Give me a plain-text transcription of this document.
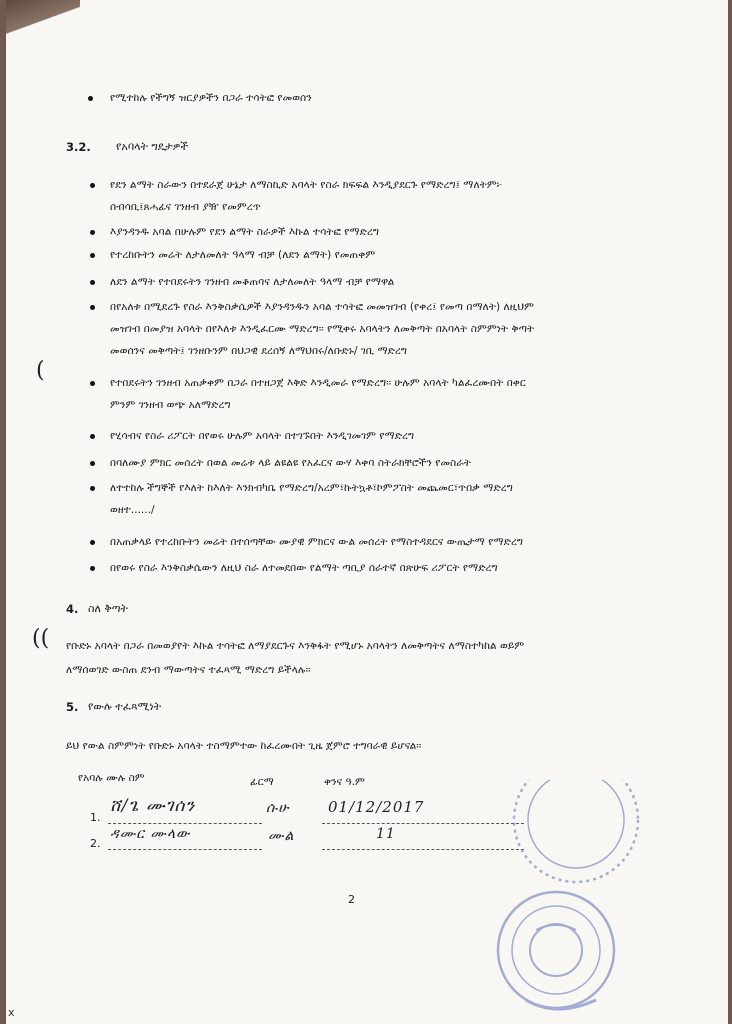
የሚተከሉ የችግኝ ዝርያዎችን በጋራ ተሳትፎ የመወሰን
3.2. የአባላት ግዴታዎች
የደን ልማት ስራውን በተደራጀ ሁኔታ ለማስኪድ አባላት የስራ ክፍፍል እንዲያደርጉ የማድረግ፤ ማለትም፦
ሰብሳቢ፤ጸሓፊና ገንዘብ ያዥ የመምረጥ
እያንዳንዱ አባል በሁሉም የደን ልማት ስራዎች እኩል ተሳትፎ የማድረግ
የተረከቡትን መሬት ለታለመለት ዓላማ ብቻ (ለደን ልማት) የመጠቀም
ለደን ልማት የተበደሩትን ገንዘብ መቆጠባና ለታለመለት ዓላማ ብቻ የማዋል
በየአለቱ በሚደረጉ የስራ እንቅስቃሴዎች እያንዳንዱን አባል ተሳትፎ መመዝገብ (የቀረ፤ የመጣ በማለት) ለዚህም
መዝገብ በመያዝ አባላት በየእለቱ እንዲፈርሙ ማድረግ፡፡ የሚቀሩ አባላትን ለመቅጣት በአባላት ስምምነት ቅጣት
መወሰንና መቅጣት፤ ገንዘቡንም በህጋዊ ደረሰኝ ለማህበሩ/ለቡድኑ/ ገቢ ማድረግ
የተበደሩትን ገንዘብ አጠቃቀም በጋራ በተዘጋጀ እቅድ እንዲመራ የማድረግ፡፡ ሁሉም አባላት ካልፈረሙበት በቀር
ምንም ገንዘብ ወጭ አለማድረግ
የሂሳብና የስራ ሪፖርት በየወሩ ሁሉም አባላት በተገኙበት እንዲገመገም የማድረግ
በባለሙያ ምክር መሰረት በወል መሬቱ ላይ ልዩልዩ የአፈርና ውሃ እቀባ ስትራክቸሮችን የመስራት
ለተተከሉ ችግኞች የእለት ከእለት እንክብካቤ የማድረግ/አረም፣ኩትኳቶ፣ኮምፖስት መጨመር፣ጥበቃ ማድረግ
ወዘተ....../
በአጠቃላይ የተረከቡትን መሬት በተሰጣቸው ሙያዊ ምክርና ውል መሰረት የማስተዳደርና ውጤታማ የማድረግ
በየወሩ የስራ እንቅስቃሴውን ለዚህ ስራ ለተመደበው የልማት ጣቢያ ሰራተኛ በጽሁፍ ሪፖርት የማድረግ
(
((
4. ስለ ቅጣት
የቡድኑ አባላት በጋራ በመወያየት እኩል ተሳትፎ ለማያደርጉና እንቅፋት የሚሆኑ አባላትን ለመቅጣትና ለማስተካከል ወይም
ለማሰወገድ ውስጠ ደንብ ማውጣትና ተፈጻሚ ማድረግ ይችላሉ፡፡
5. የውሉ ተፈጻሚነት
ይህ የውል ስምምነት የቡድኑ አባላት ተስማምተው ከፈረሙበት ጊዜ ጀምሮ ተግባራዊ ይሆናል፡፡
የአባሉ ሙሉ ስም	ፊርማ	ቀንና ዓ.ም
1.
ሸ/ጌ ሙገሰን	ሱሁ	01/12/2017
2.
ዳሙር ሙላው	ሙል	11
2
x
